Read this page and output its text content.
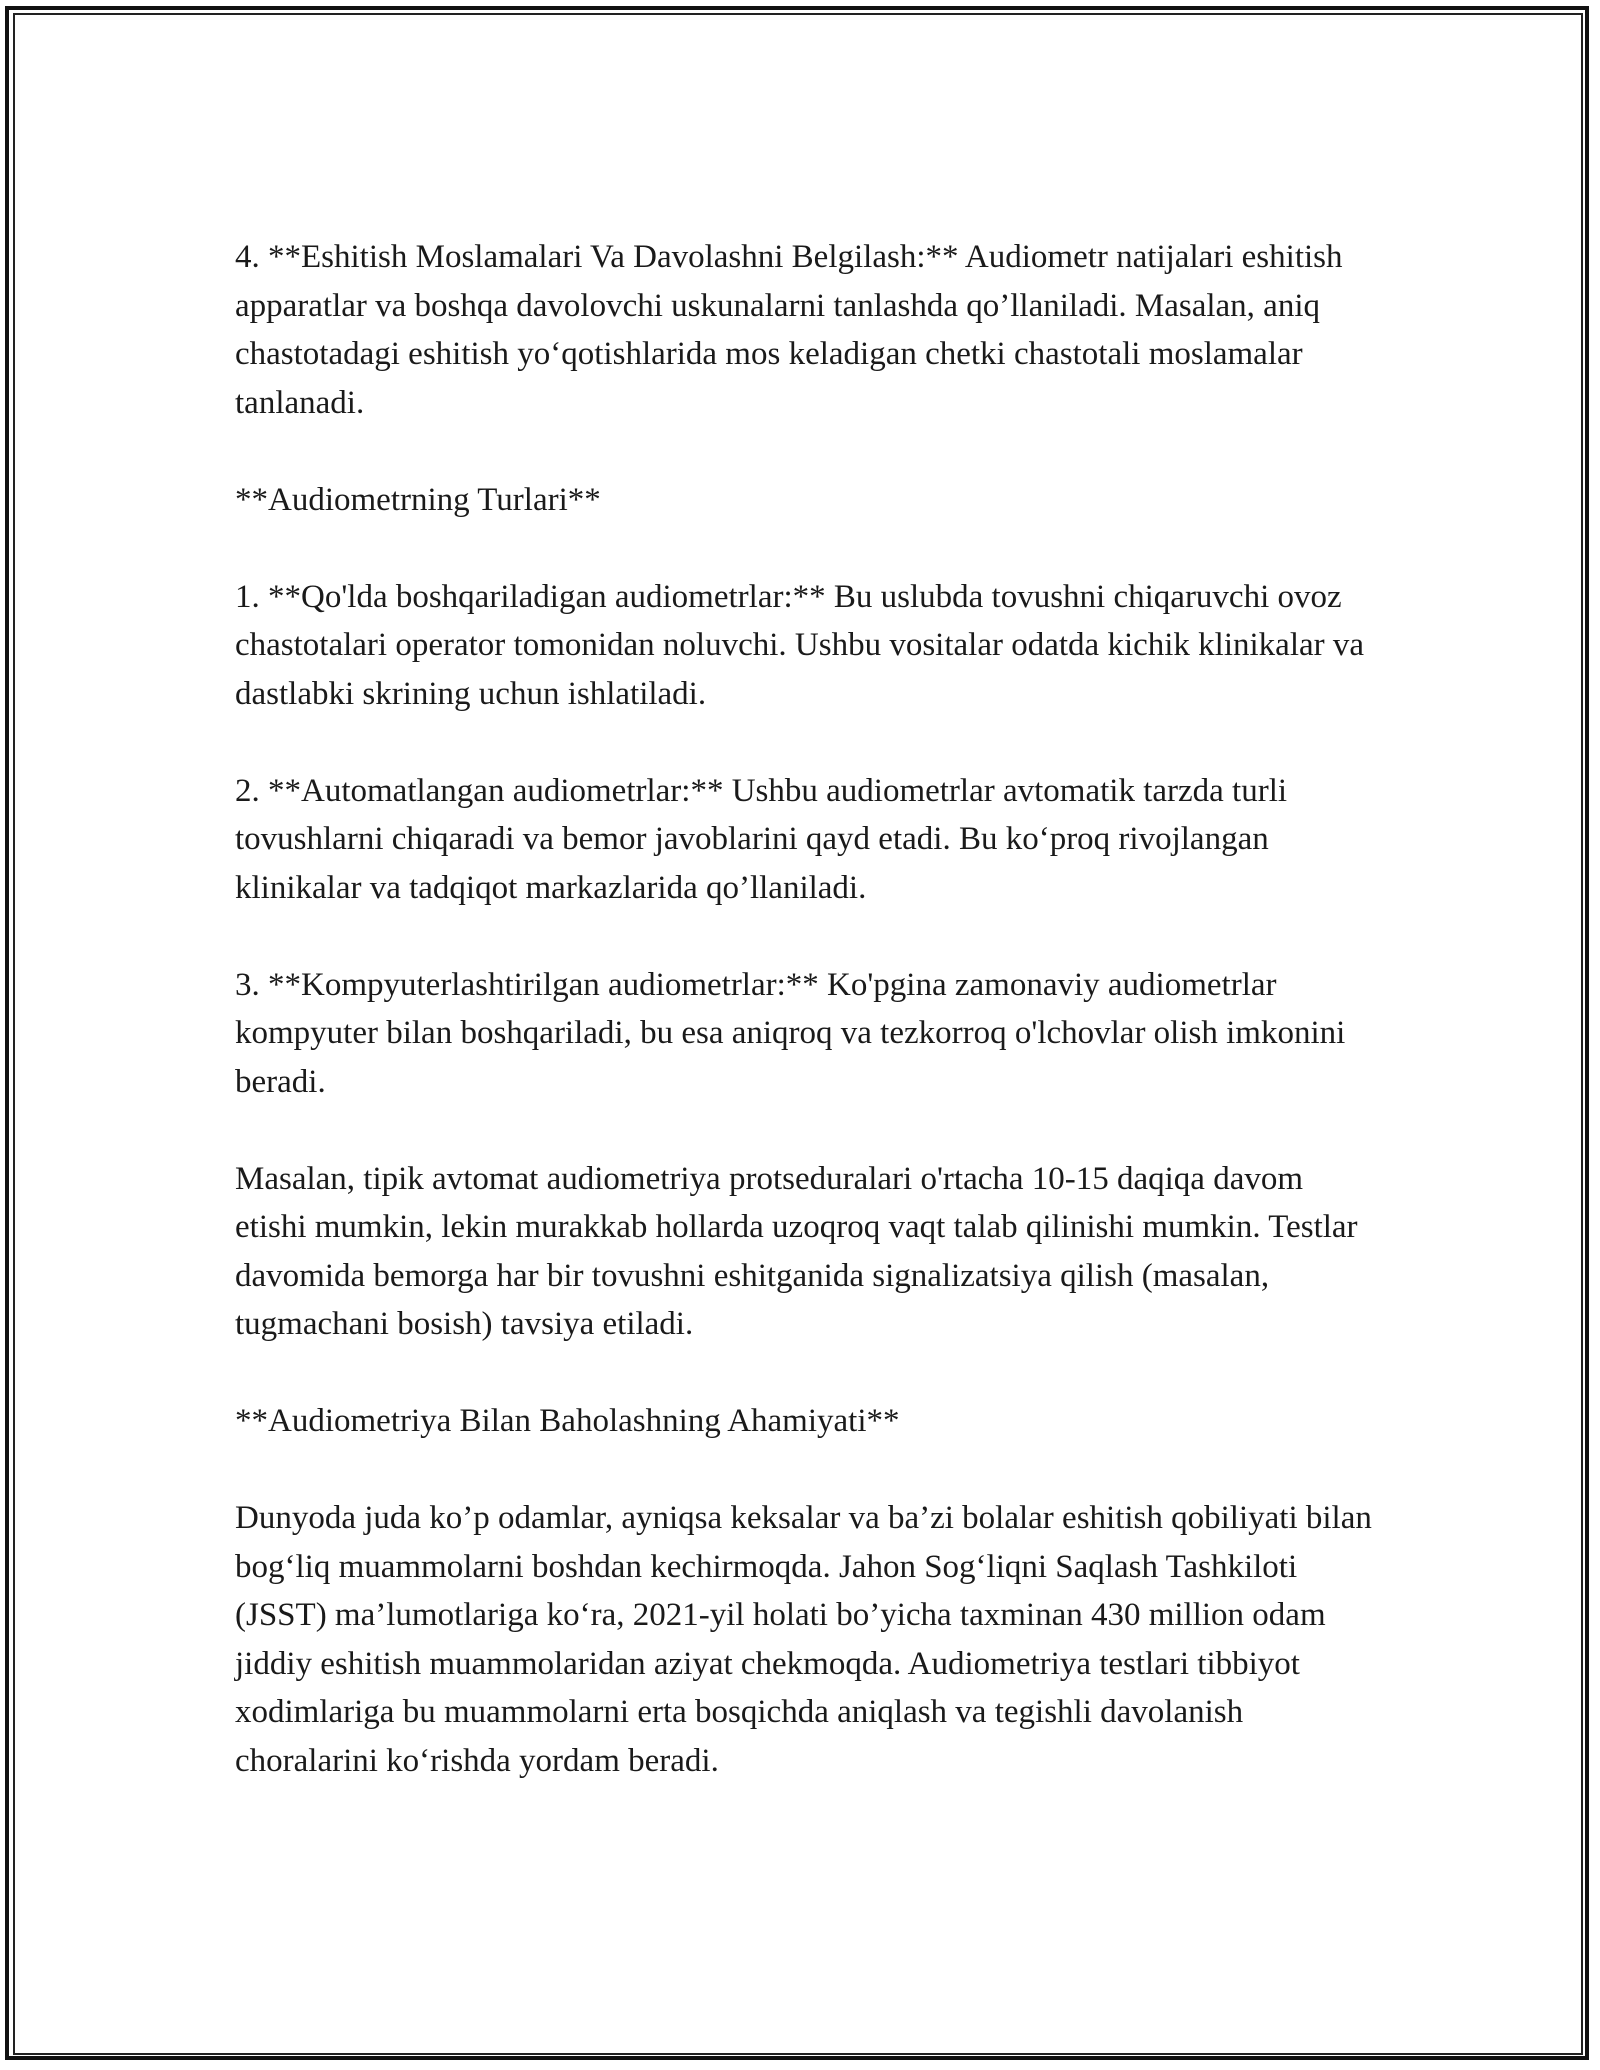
4. **Eshitish Moslamalari Va Davolashni Belgilash:** Audiometr natijalari eshitish apparatlar va boshqa davolovchi uskunalarni tanlashda qo’llaniladi. Masalan, aniq chastotadagi eshitish yoʻqotishlarida mos keladigan chetki chastotali moslamalar tanlanadi.

**Audiometrning Turlari**

1. **Qo'lda boshqariladigan audiometrlar:** Bu uslubda tovushni chiqaruvchi ovoz chastotalari operator tomonidan noluvchi. Ushbu vositalar odatda kichik klinikalar va dastlabki skrining uchun ishlatiladi.

2. **Automatlangan audiometrlar:** Ushbu audiometrlar avtomatik tarzda turli tovushlarni chiqaradi va bemor javoblarini qayd etadi. Bu koʻproq rivojlangan klinikalar va tadqiqot markazlarida qo’llaniladi.

3. **Kompyuterlashtirilgan audiometrlar:** Ko'pgina zamonaviy audiometrlar kompyuter bilan boshqariladi, bu esa aniqroq va tezkorroq o'lchovlar olish imkonini beradi.

Masalan, tipik avtomat audiometriya protseduralari o'rtacha 10-15 daqiqa davom etishi mumkin, lekin murakkab hollarda uzoqroq vaqt talab qilinishi mumkin. Testlar davomida bemorga har bir tovushni eshitganida signalizatsiya qilish (masalan, tugmachani bosish) tavsiya etiladi.

**Audiometriya Bilan Baholashning Ahamiyati**

Dunyoda juda ko’p odamlar, ayniqsa keksalar va ba’zi bolalar eshitish qobiliyati bilan bogʻliq muammolarni boshdan kechirmoqda. Jahon Sogʻliqni Saqlash Tashkiloti (JSST) ma’lumotlariga koʻra, 2021-yil holati bo’yicha taxminan 430 million odam jiddiy eshitish muammolaridan aziyat chekmoqda. Audiometriya testlari tibbiyot xodimlariga bu muammolarni erta bosqichda aniqlash va tegishli davolanish choralarini koʻrishda yordam beradi.
